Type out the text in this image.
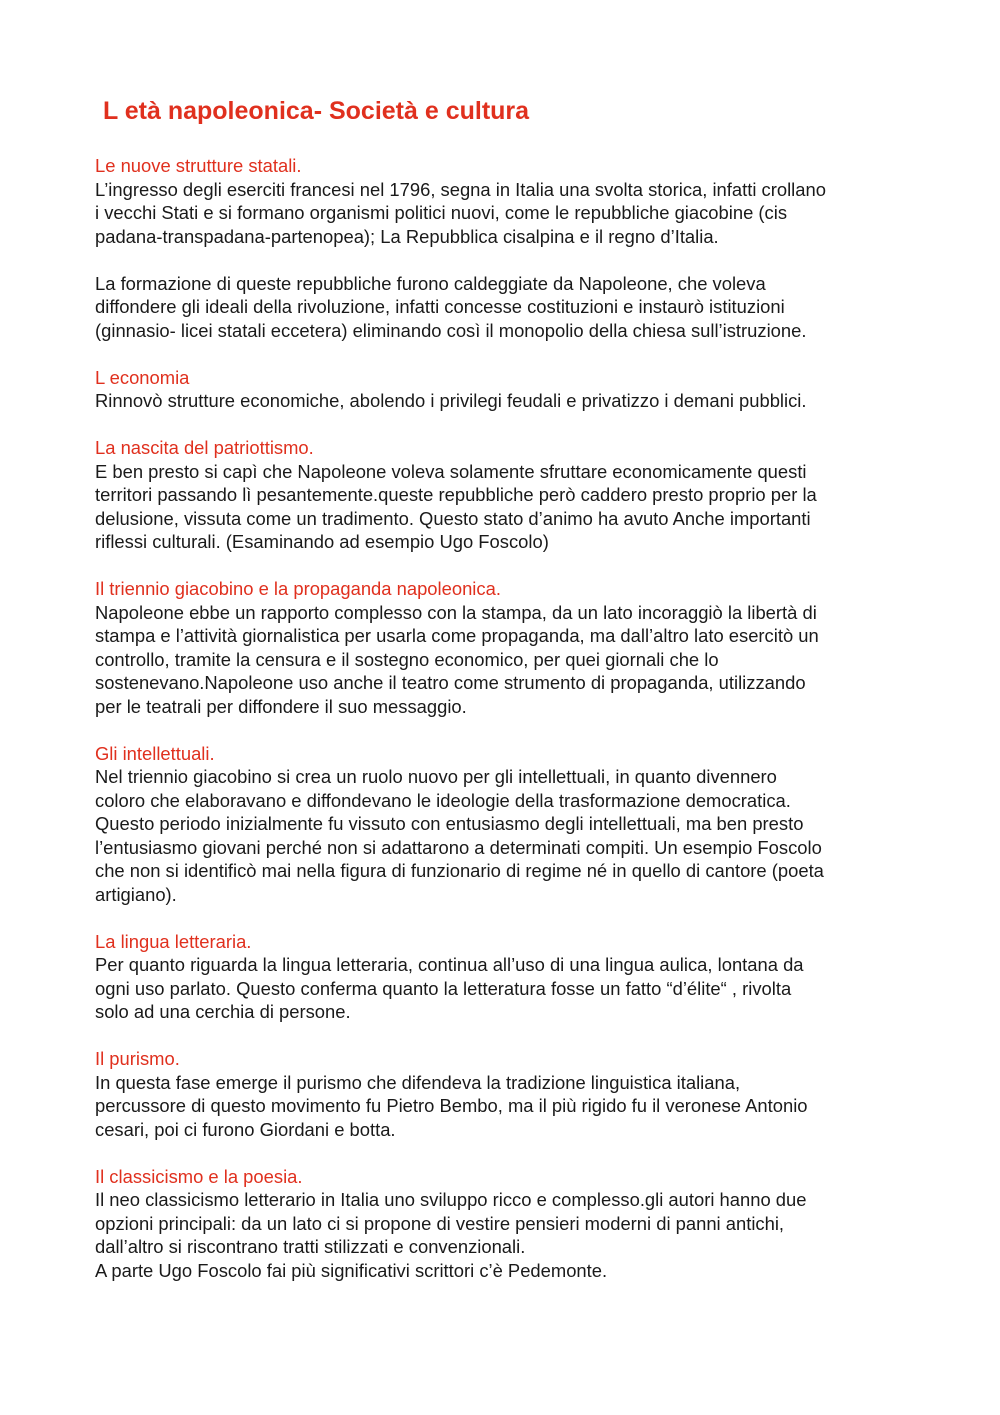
L età napoleonica- Società e cultura
Le nuove strutture statali.

L’ingresso degli eserciti francesi nel 1796, segna in Italia una svolta storica, infatti crollano
i vecchi Stati e si formano organismi politici nuovi, come le repubbliche giacobine (cis
padana-transpadana-partenopea); La Repubblica cisalpina e il regno d’Italia.

La formazione di queste repubbliche furono caldeggiate da Napoleone, che voleva
diffondere gli ideali della rivoluzione, infatti concesse costituzioni e instaurò istituzioni
(ginnasio- licei statali eccetera) eliminando così il monopolio della chiesa sull’istruzione.

L economia

Rinnovò strutture economiche, abolendo i privilegi feudali e privatizzo i demani pubblici.

La nascita del patriottismo.

E ben presto si capì che Napoleone voleva solamente sfruttare economicamente questi
territori passando lì pesantemente.queste repubbliche però caddero presto proprio per la
delusione, vissuta come un tradimento. Questo stato d’animo ha avuto Anche importanti
riflessi culturali. (Esaminando ad esempio Ugo Foscolo)

Il triennio giacobino e la propaganda napoleonica.

Napoleone ebbe un rapporto complesso con la stampa, da un lato incoraggiò la libertà di
stampa e l’attività giornalistica per usarla come propaganda, ma dall’altro lato esercitò un
controllo, tramite la censura e il sostegno economico, per quei giornali che lo
sostenevano.Napoleone uso anche il teatro come strumento di propaganda, utilizzando
per le teatrali per diffondere il suo messaggio.

Gli intellettuali.

Nel triennio giacobino si crea un ruolo nuovo per gli intellettuali, in quanto divennero
coloro che elaboravano e diffondevano le ideologie della trasformazione democratica.
Questo periodo inizialmente fu vissuto con entusiasmo degli intellettuali, ma ben presto
l’entusiasmo giovani perché non si adattarono a determinati compiti. Un esempio Foscolo
che non si identificò mai nella figura di funzionario di regime né in quello di cantore (poeta
artigiano).

La lingua letteraria.

Per quanto riguarda la lingua letteraria, continua all’uso di una lingua aulica, lontana da
ogni uso parlato. Questo conferma quanto la letteratura fosse un fatto “d’élite“ , rivolta
solo ad una cerchia di persone.

Il purismo.

In questa fase emerge il purismo che difendeva la tradizione linguistica italiana,
percussore di questo movimento fu Pietro Bembo, ma il più rigido fu il veronese Antonio
cesari, poi ci furono Giordani e botta.

Il classicismo e la poesia.

Il neo classicismo letterario in Italia uno sviluppo ricco e complesso.gli autori hanno due
opzioni principali: da un lato ci si propone di vestire pensieri moderni di panni antichi,
dall’altro si riscontrano tratti stilizzati e convenzionali.
A parte Ugo Foscolo fai più significativi scrittori c’è Pedemonte.
